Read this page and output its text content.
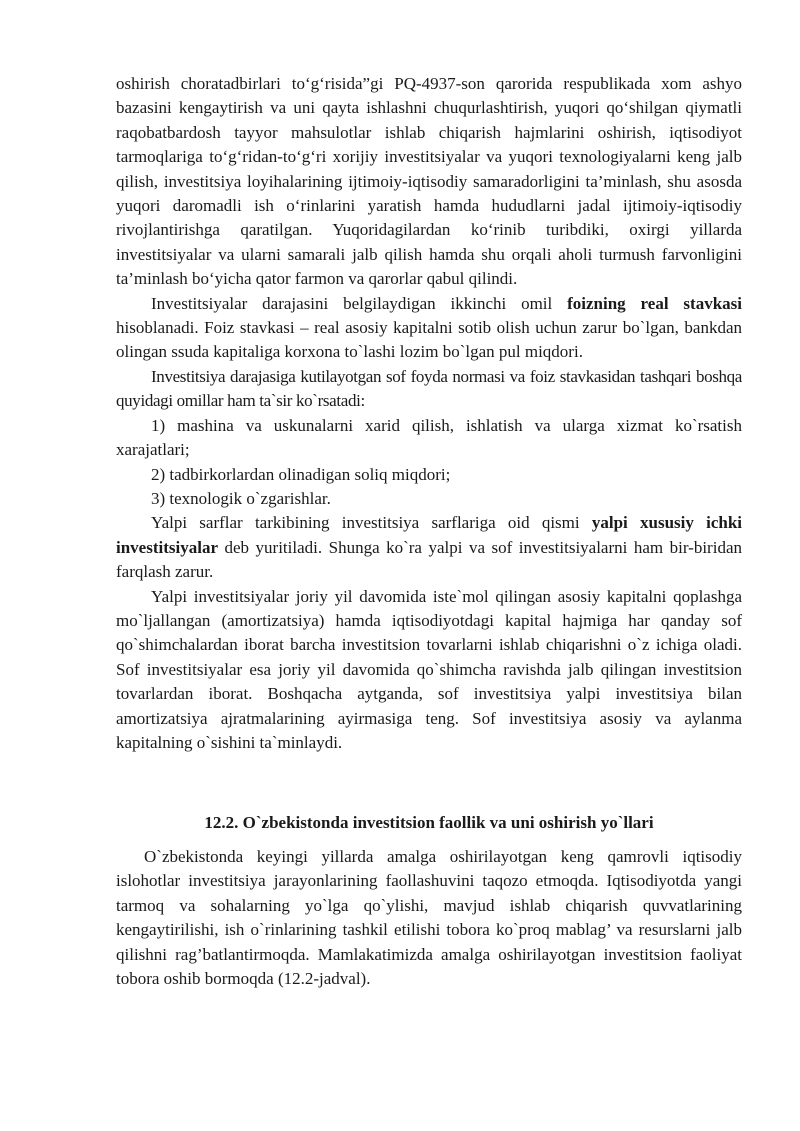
oshirish choratadbirlari to‘g‘risida”gi PQ-4937-son qarorida respublikada xom ashyo bazasini kengaytirish va uni qayta ishlashni chuqurlashtirish, yuqori qo‘shilgan qiymatli raqobatbardosh tayyor mahsulotlar ishlab chiqarish hajmlarini oshirish, iqtisodiyot tarmoqlariga to‘g‘ridan-to‘g‘ri xorijiy investitsiyalar va yuqori texnologiyalarni keng jalb qilish, investitsiya loyihalarining ijtimoiy-iqtisodiy samaradorligini ta’minlash, shu asosda yuqori daromadli ish o‘rinlarini yaratish hamda hududlarni jadal ijtimoiy-iqtisodiy rivojlantirishga qaratilgan. Yuqoridagilardan ko‘rinib turibdiki, oxirgi yillarda investitsiyalar va ularni samarali jalb qilish hamda shu orqali aholi turmush farvonligini ta’minlash bo‘yicha qator farmon va qarorlar qabul qilindi.

Investitsiyalar darajasini belgilaydigan ikkinchi omil foizning real stavkasi hisoblanadi. Foiz stavkasi – real asosiy kapitalni sotib olish uchun zarur bo`lgan, bankdan olingan ssuda kapitaliga korxona to`lashi lozim bo`lgan pul miqdori.

Investitsiya darajasiga kutilayotgan sof foyda normasi va foiz stavkasidan tashqari boshqa quyidagi omillar ham ta`sir ko`rsatadi:

1) mashina va uskunalarni xarid qilish, ishlatish va ularga xizmat ko`rsatish xarajatlari;

2) tadbirkorlardan olinadigan soliq miqdori;

3) texnologik o`zgarishlar.

Yalpi sarflar tarkibining investitsiya sarflariga oid qismi yalpi xususiy ichki investitsiyalar deb yuritiladi. Shunga ko`ra yalpi va sof investitsiyalarni ham bir-biridan farqlash zarur.

Yalpi investitsiyalar joriy yil davomida iste`mol qilingan asosiy kapitalni qoplashga mo`ljallangan (amortizatsiya) hamda iqtisodiyotdagi kapital hajmiga har qanday sof qo`shimchalardan iborat barcha investitsion tovarlarni ishlab chiqarishni o`z ichiga oladi. Sof investitsiyalar esa joriy yil davomida qo`shimcha ravishda jalb qilingan investitsion tovarlardan iborat. Boshqacha aytganda, sof investitsiya yalpi investitsiya bilan amortizatsiya ajratmalarining ayirmasiga teng. Sof investitsiya asosiy va aylanma kapitalning o`sishini ta`minlaydi.

12.2. O`zbekistonda investitsion faollik va uni oshirish yo`llari

O`zbekistonda keyingi yillarda amalga oshirilayotgan keng qamrovli iqtisodiy islohotlar investitsiya jarayonlarining faollashuvini taqozo etmoqda. Iqtisodiyotda yangi tarmoq va sohalarning yo`lga qo`ylishi, mavjud ishlab chiqarish quvvatlarining kengaytirilishi, ish o`rinlarining tashkil etilishi tobora ko`proq mablag’ va resurslarni jalb qilishni rag’batlantirmoqda. Mamlakatimizda amalga oshirilayotgan investitsion faoliyat tobora oshib bormoqda (12.2-jadval).
